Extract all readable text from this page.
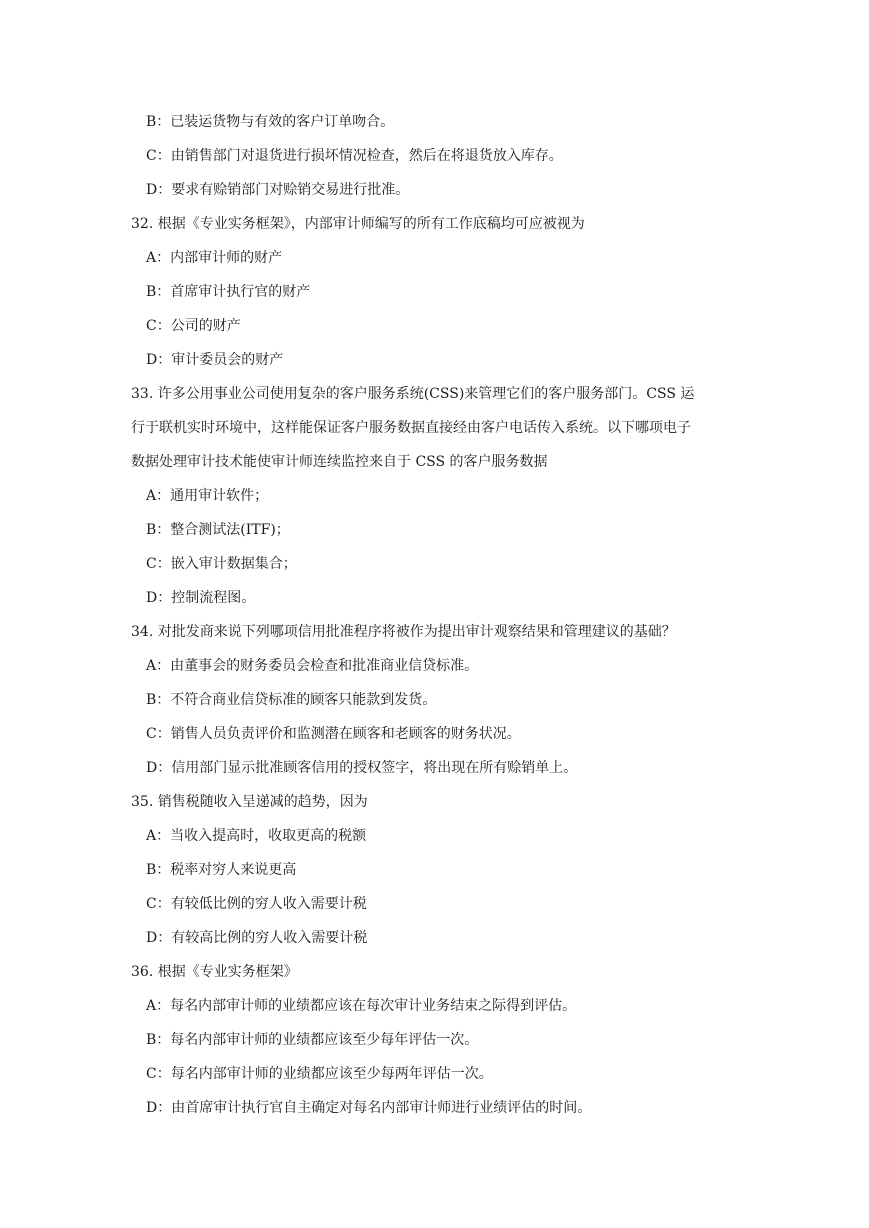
B：已装运货物与有效的客户订单吻合。
C：由销售部门对退货进行损坏情况检查，然后在将退货放入库存。
D：要求有赊销部门对赊销交易进行批准。
32. 根据《专业实务框架》，内部审计师编写的所有工作底稿均可应被视为
A：内部审计师的财产
B：首席审计执行官的财产
C：公司的财产
D：审计委员会的财产
33. 许多公用事业公司使用复杂的客户服务系统(CSS)来管理它们的客户服务部门。CSS 运
行于联机实时环境中，这样能保证客户服务数据直接经由客户电话传入系统。以下哪项电子
数据处理审计技术能使审计师连续监控来自于 CSS 的客户服务数据
A：通用审计软件；
B：整合测试法(ITF)；
C：嵌入审计数据集合；
D：控制流程图。
34. 对批发商来说下列哪项信用批准程序将被作为提出审计观察结果和管理建议的基础？
A：由董事会的财务委员会检查和批准商业信贷标准。
B：不符合商业信贷标准的顾客只能款到发货。
C：销售人员负责评价和监测潜在顾客和老顾客的财务状况。
D：信用部门显示批准顾客信用的授权签字，将出现在所有赊销单上。
35. 销售税随收入呈递减的趋势，因为
A：当收入提高时，收取更高的税额
B：税率对穷人来说更高
C：有较低比例的穷人收入需要计税
D：有较高比例的穷人收入需要计税
36. 根据《专业实务框架》
A：每名内部审计师的业绩都应该在每次审计业务结束之际得到评估。
B：每名内部审计师的业绩都应该至少每年评估一次。
C：每名内部审计师的业绩都应该至少每两年评估一次。
D：由首席审计执行官自主确定对每名内部审计师进行业绩评估的时间。
